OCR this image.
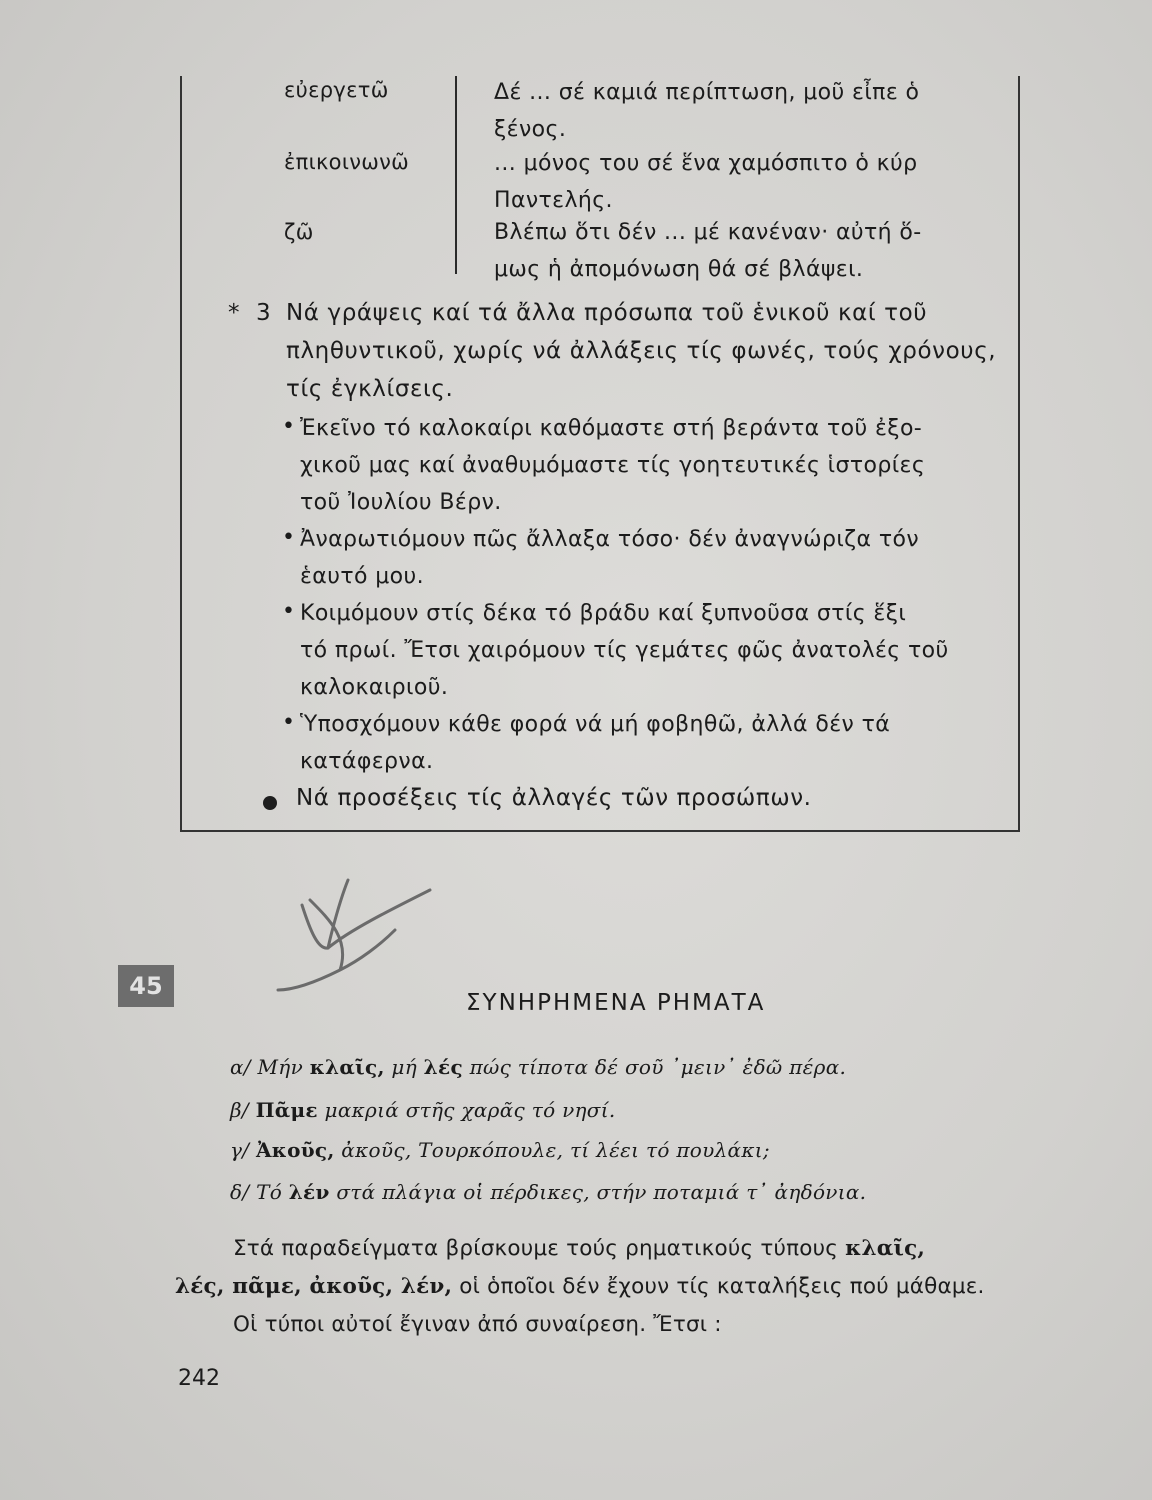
εὐεργετῶ	Δέ ... σέ καμιά περίπτωση, μοῦ εἶπε ὁ
ξένος.
ἐπικοινωνῶ	... μόνος του σέ ἕνα χαμόσπιτο ὁ κύρ
Παντελής.
ζῶ	Βλέπω ὅτι δέν ... μέ κανέναν· αὐτή ὅ-
μως ἡ ἀπομόνωση θά σέ βλάψει.
* 3 Νά γράψεις καί τά ἄλλα πρόσωπα τοῦ ἑνικοῦ καί τοῦ
πληθυντικοῦ, χωρίς νά ἀλλάξεις τίς φωνές, τούς χρόνους,
τίς ἐγκλίσεις.
• Ἐκεῖνο τό καλοκαίρι καθόμαστε στή βεράντα τοῦ ἐξο-
χικοῦ μας καί ἀναθυμόμαστε τίς γοητευτικές ἱστορίες
τοῦ Ἰουλίου Βέρν.
• Ἀναρωτιόμουν πῶς ἄλλαξα τόσο· δέν ἀναγνώριζα τόν
ἑαυτό μου.
• Κοιμόμουν στίς δέκα τό βράδυ καί ξυπνοῦσα στίς ἕξι
τό πρωί. Ἔτσι χαιρόμουν τίς γεμάτες φῶς ἀνατολές τοῦ
καλοκαιριοῦ.
• Ὑποσχόμουν κάθε φορά νά μή φοβηθῶ, ἀλλά δέν τά
κατάφερνα.
Νά προσέξεις τίς ἀλλαγές τῶν προσώπων.
45
ΣΥΝΗΡΗΜΕΝΑ ΡΗΜΑΤΑ
α/ Μήν κλαῖς, μή λές πώς τίποτα δέ σοῦ ᾽μειν᾽ ἐδῶ πέρα.
β/ Πᾶμε μακριά στῆς χαρᾶς τό νησί.
γ/ Ἀκοῦς, ἀκοῦς, Τουρκόπουλε, τί λέει τό πουλάκι;
δ/ Τό λέν στά πλάγια οἱ πέρδικες, στήν ποταμιά τ᾽ ἀηδόνια.
Στά παραδείγματα βρίσκουμε τούς ρηματικούς τύπους κλαῖς,
λές, πᾶμε, ἀκοῦς, λέν, οἱ ὁποῖοι δέν ἔχουν τίς καταλήξεις πού μάθαμε.
Οἱ τύποι αὐτοί ἔγιναν ἀπό συναίρεση. Ἔτσι :
242
